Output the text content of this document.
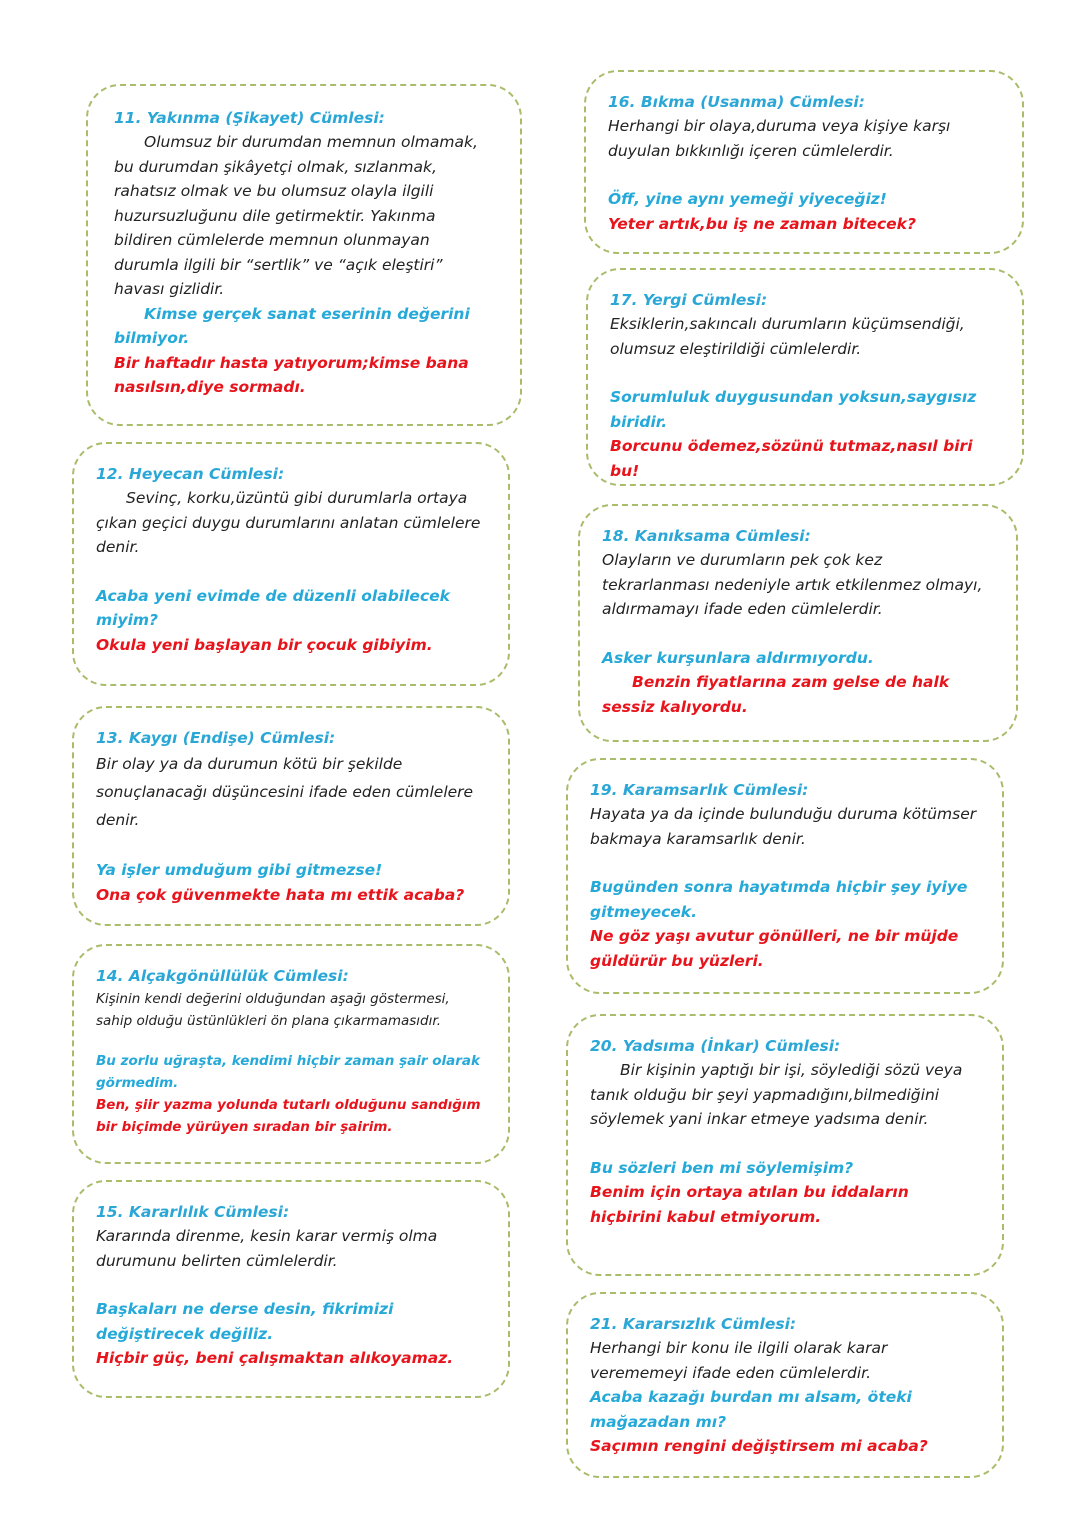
11. Yakınma (Şikayet) Cümlesi:
Olumsuz bir durumdan memnun olmamak, bu durumdan şikâyetçi olmak, sızlanmak, rahatsız olmak ve bu olumsuz olayla ilgili huzursuzluğunu dile getirmektir. Yakınma bildiren cümlelerde memnun olunmayan durumla ilgili bir “sertlik” ve “açık eleştiri” havası gizlidir.
Kimse gerçek sanat eserinin değerini bilmiyor.
Bir haftadır hasta yatıyorum;kimse bana nasılsın,diye sormadı.
12. Heyecan Cümlesi:
Sevinç, korku,üzüntü gibi durumlarla ortaya çıkan geçici duygu durumlarını anlatan cümlelere denir.
Acaba yeni evimde de düzenli olabilecek miyim?
Okula yeni başlayan bir çocuk gibiyim.
13. Kaygı (Endişe) Cümlesi:
Bir olay ya da durumun kötü bir şekilde sonuçlanacağı düşüncesini ifade eden cümlelere denir.
Ya işler umduğum gibi gitmezse!
Ona çok güvenmekte hata mı ettik acaba?
14. Alçakgönüllülük Cümlesi:
Kişinin kendi değerini olduğundan aşağı göstermesi, sahip olduğu üstünlükleri ön plana çıkarmamasıdır.
Bu zorlu uğraşta, kendimi hiçbir zaman şair olarak görmedim.
Ben, şiir yazma yolunda tutarlı olduğunu sandığım bir biçimde yürüyen sıradan bir şairim.
15. Kararlılık Cümlesi:
Kararında direnme, kesin karar vermiş olma durumunu belirten cümlelerdir.
Başkaları ne derse desin, fikrimizi değiştirecek değiliz.
Hiçbir güç, beni çalışmaktan alıkoyamaz.
16. Bıkma (Usanma) Cümlesi:
Herhangi bir olaya,duruma veya kişiye karşı duyulan bıkkınlığı içeren cümlelerdir.
Öff, yine aynı yemeği yiyeceğiz!
Yeter artık,bu iş ne zaman bitecek?
17. Yergi Cümlesi:
Eksiklerin,sakıncalı durumların küçümsendiği, olumsuz eleştirildiği cümlelerdir.
Sorumluluk duygusundan yoksun,saygısız biridir.
Borcunu ödemez,sözünü tutmaz,nasıl biri bu!
18. Kanıksama Cümlesi:
Olayların ve durumların pek çok kez tekrarlanması nedeniyle artık etkilenmez olmayı, aldırmamayı ifade eden cümlelerdir.
Asker kurşunlara aldırmıyordu.
Benzin fiyatlarına zam gelse de halk sessiz kalıyordu.
19. Karamsarlık Cümlesi:
Hayata ya da içinde bulunduğu duruma kötümser bakmaya karamsarlık denir.
Bugünden sonra hayatımda hiçbir şey iyiye gitmeyecek.
Ne göz yaşı avutur gönülleri, ne bir müjde güldürür bu yüzleri.
20. Yadsıma (İnkar) Cümlesi:
Bir kişinin yaptığı bir işi, söylediği sözü veya tanık olduğu bir şeyi yapmadığını,bilmediğini söylemek yani inkar etmeye yadsıma denir.
Bu sözleri ben mi söylemişim?
Benim için ortaya atılan bu iddaların hiçbirini kabul etmiyorum.
21. Kararsızlık Cümlesi:
Herhangi bir konu ile ilgili olarak karar verememeyi ifade eden cümlelerdir.
Acaba kazağı burdan mı alsam, öteki mağazadan mı?
Saçımın rengini değiştirsem mi acaba?
